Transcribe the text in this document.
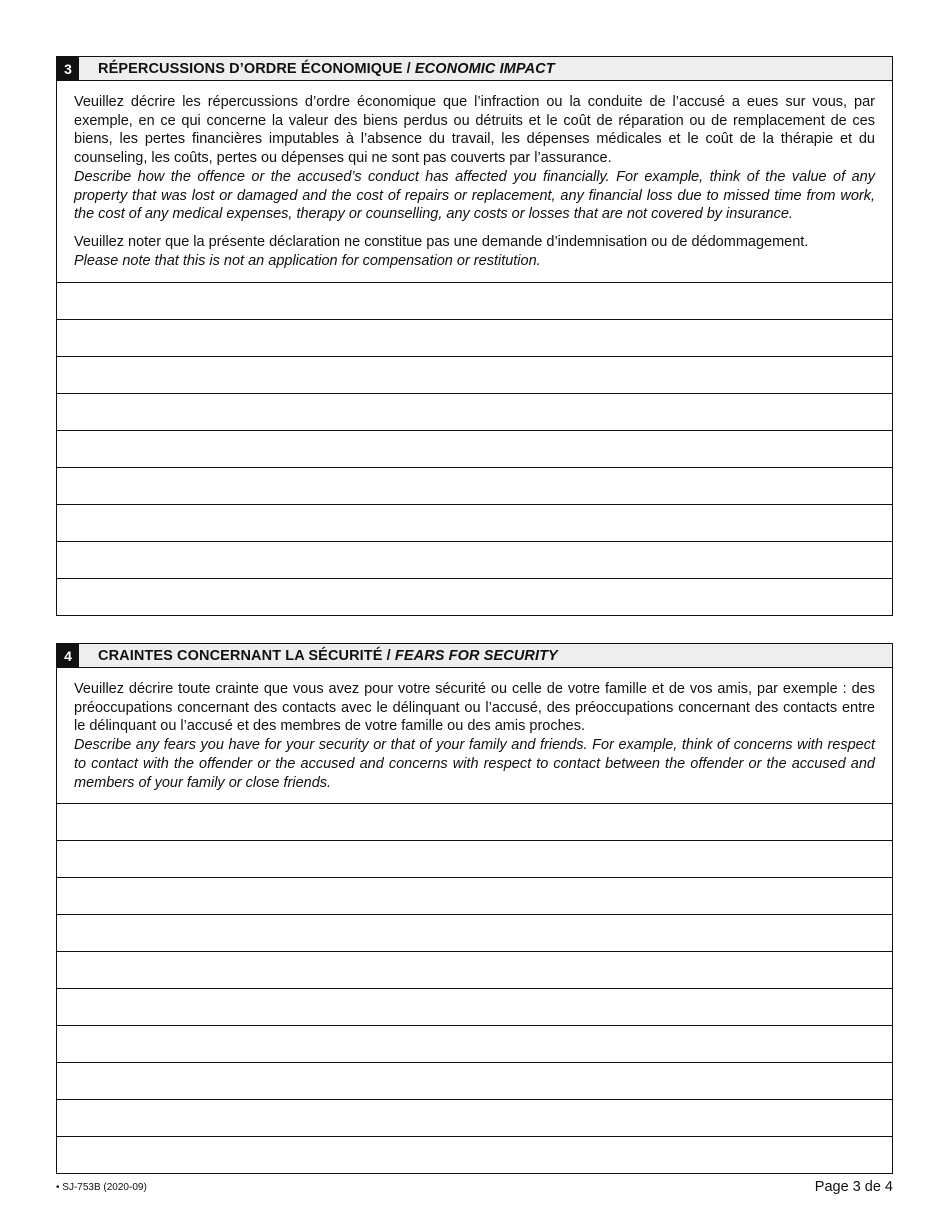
3	RÉPERCUSSIONS D’ORDRE ÉCONOMIQUE / ECONOMIC IMPACT

Veuillez décrire les répercussions d’ordre économique que l’infraction ou la conduite de l’accusé a eues sur vous, par exemple, en ce qui concerne la valeur des biens perdus ou détruits et le coût de réparation ou de remplacement de ces biens, les pertes financières imputables à l’absence du travail, les dépenses médicales et le coût de la thérapie et du counseling, les coûts, pertes ou dépenses qui ne sont pas couverts par l’assurance.

Describe how the offence or the accused’s conduct has affected you financially. For example, think of the value of any property that was lost or damaged and the cost of repairs or replacement, any financial loss due to missed time from work, the cost of any medical expenses, therapy or counselling, any costs or losses that are not covered by insurance.

Veuillez noter que la présente déclaration ne constitue pas une demande d’indemnisation ou de dédommagement.

Please note that this is not an application for compensation or restitution.

4	CRAINTES CONCERNANT LA SÉCURITÉ / FEARS FOR SECURITY

Veuillez décrire toute crainte que vous avez pour votre sécurité ou celle de votre famille et de vos amis, par exemple : des préoccupations concernant des contacts avec le délinquant ou l’accusé, des préoccupations concernant des contacts entre le délinquant ou l’accusé et des membres de votre famille ou des amis proches.

Describe any fears you have for your security or that of your family and friends. For example, think of concerns with respect to contact with the offender or the accused and concerns with respect to contact between the offender or the accused and members of your family or close friends.

• SJ-753B (2020-09)	Page 3 de 4
